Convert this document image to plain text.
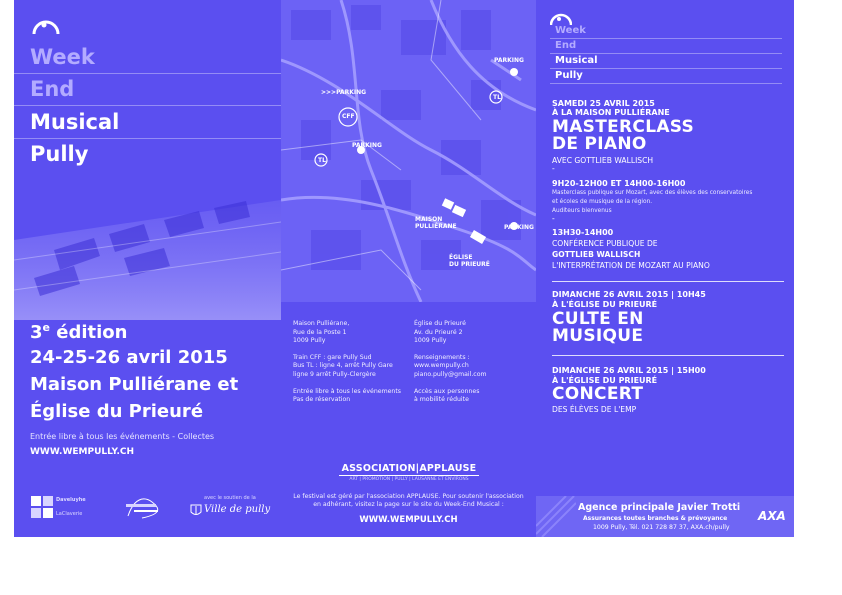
Week
End
Musical
Pully
3e édition
24-25-26 avril 2015
Maison Pulliérane et
Église du Prieuré
Entrée libre à tous les événements - Collectes
WWW.WEMPULLY.CH
Daveluyhe
LaClaverie
avec le soutien de la
Ville de pully
PARKING
>>>PARKING
CFF
PARKING
TL
TL
PARKING
MAISON
PULLIÉRANE
ÉGLISE
DU PRIEURÉ
Maison Pulliérane,
Rue de la Poste 1
1009 Pully
Train CFF : gare Pully Sud
Bus TL : ligne 4, arrêt Pully Gare
ligne 9 arrêt Pully-Clergère
Entrée libre à tous les événements
Pas de réservation
Église du Prieuré
Av. du Prieuré 2
1009 Pully
Renseignements :
www.wempully.ch
piano.pully@gmail.com
Accès aux personnes
à mobilité réduite
ASSOCIATION|APPLAUSE
ART | PROMOTION | PULLY | LAUSANNE ET ENVIRONS
Le festival est géré par l'association APPLAUSE. Pour soutenir l'association
en adhérant, visitez la page sur le site du Week-End Musical :
WWW.WEMPULLY.CH
Week
End
Musical
Pully
SAMEDI 25 AVRIL 2015
À LA MAISON PULLIÉRANE
MASTERCLASS
DE PIANO
AVEC GOTTLIEB WALLISCH
-
9H20-12H00 ET 14H00-16H00
Masterclass publique sur Mozart, avec des élèves des conservatoires
et écoles de musique de la région.
Auditeurs bienvenus
-
13H30-14H00
CONFÉRENCE PUBLIQUE DE
GOTTLIEB WALLISCH
L'INTERPRÉTATION DE MOZART AU PIANO
DIMANCHE 26 AVRIL 2015 | 10H45
À L'ÉGLISE DU PRIEURÉ
CULTE EN
MUSIQUE
DIMANCHE 26 AVRIL 2015 | 15H00
À L'ÉGLISE DU PRIEURÉ
CONCERT
DES ÉLÈVES DE L'EMP
Agence principale Javier Trotti
Assurances toutes branches & prévoyance
1009 Pully, Tél. 021 728 87 37, AXA.ch/pully
AXA
